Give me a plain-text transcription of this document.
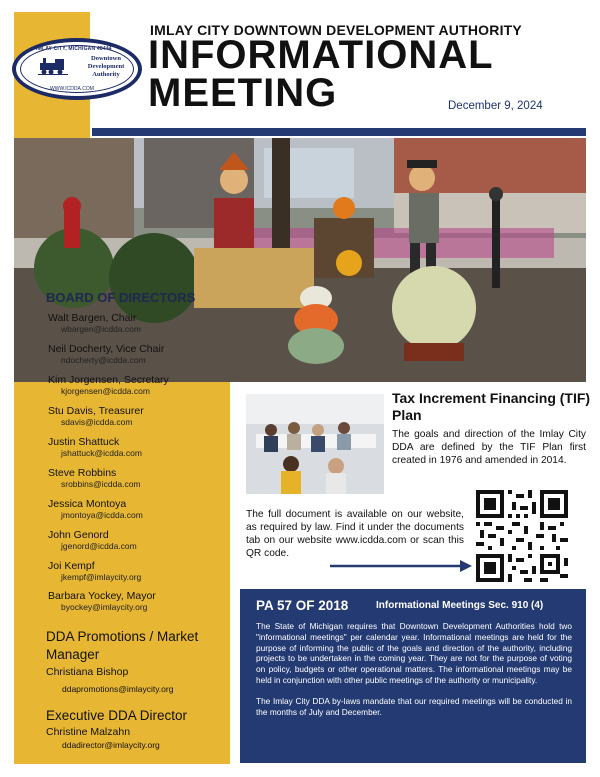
IMLAY CITY, MICHIGAN 48444
Downtown
Development
Authority
WWW.ICDDA.COM
IMLAY CITY DOWNTOWN DEVELOPMENT AUTHORITY
INFORMATIONAL
MEETING	December 9, 2024
BOARD OF DIRECTORS
Walt Bargen, Chair
wbargen@icdda.com
Neil Docherty, Vice Chair
ndocherty@icdda.com
Kim Jorgensen, Secretary
kjorgensen@icdda.com
Stu Davis, Treasurer
sdavis@icdda.com
Justin Shattuck
jshattuck@icdda.com
Steve Robbins
srobbins@icdda.com
Jessica Montoya
jmontoya@icdda.com
John Genord
jgenord@icdda.com
Joi Kempf
jkempf@imlaycity.org
Barbara Yockey, Mayor
byockey@imlaycity.org
DDA Promotions / Market Manager
Christiana Bishop
ddapromotions@imlaycity.org
Executive DDA Director
Christine Malzahn
ddadirector@imlaycity.org
Tax Increment Financing (TIF) Plan
The goals and direction of the Imlay City DDA are defined by the TIF Plan first created in 1976 and amended in 2014.
The full document is available on our website, as required by law. Find it under the documents tab on our website www.icdda.com or scan this QR code.
PA 57 OF 2018	Informational Meetings Sec. 910 (4)

The State of Michigan requires that Downtown Development Authorities hold two "informational meetings" per calendar year. Informational meetings are held for the purpose of informing the public of the goals and direction of the authority, including projects to be undertaken in the coming year. They are not for the purpose of voting on policy, budgets or other operational matters. The informational meetings may be held in conjunction with other public meetings of the authority or municipality.

The Imlay City DDA by-laws mandate that our required meetings will be conducted in the months of July and December.
